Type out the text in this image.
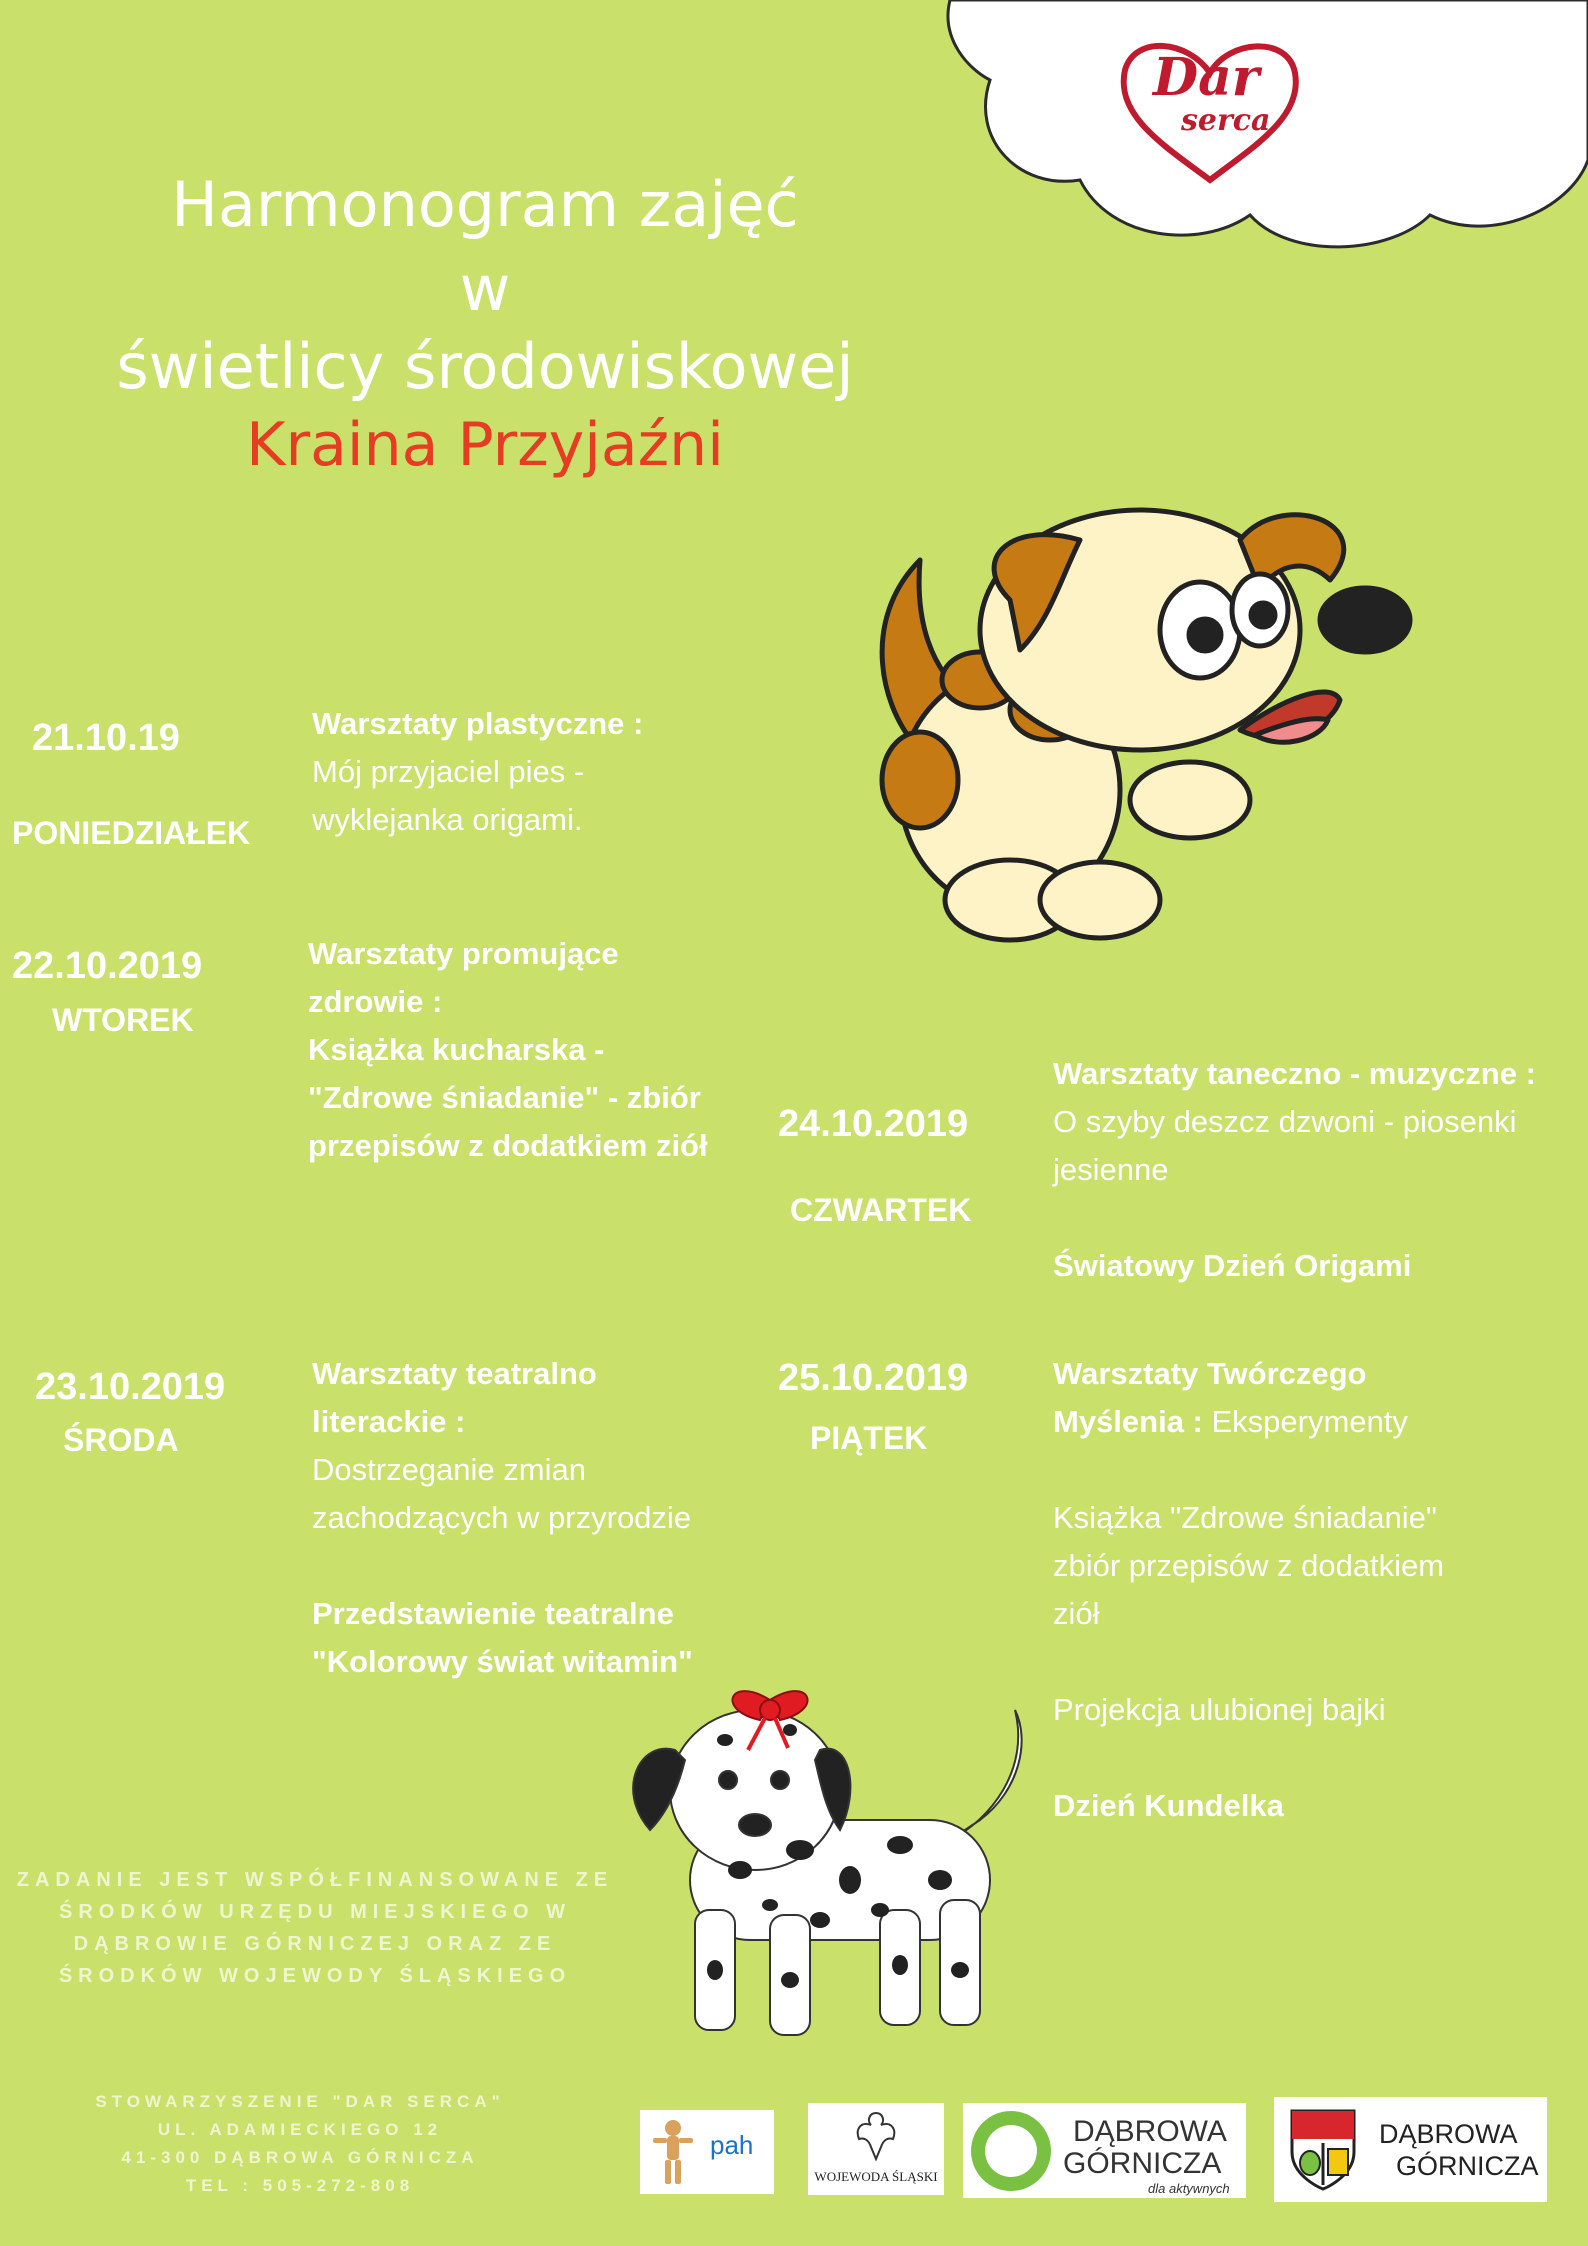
Dar
serca
Harmonogram zajęć
w
świetlicy środowiskowej
Kraina Przyjaźni
21.10.19
PONIEDZIAŁEK

Warsztaty plastyczne :

Mój przyjaciel pies -

wyklejanka origami.

22.10.2019
WTOREK

Warsztaty promujące

zdrowie :

Książka kucharska -

"Zdrowe śniadanie" - zbiór

przepisów z dodatkiem ziół

23.10.2019
ŚRODA

Warsztaty teatralno

literackie :

Dostrzeganie zmian

zachodzących w przyrodzie

Przedstawienie teatralne

"Kolorowy świat witamin"

24.10.2019
CZWARTEK

Warsztaty taneczno - muzyczne :

O szyby deszcz dzwoni - piosenki

jesienne

Światowy Dzień Origami

25.10.2019
PIĄTEK

Warsztaty Twórczego

Myślenia : Eksperymenty

Książka "Zdrowe śniadanie"

zbiór przepisów z dodatkiem

ziół

Projekcja ulubionej bajki

Dzień Kundelka

ZADANIE JEST WSPÓŁFINANSOWANE ZE
ŚRODKÓW URZĘDU MIEJSKIEGO W
DĄBROWIE GÓRNICZEJ ORAZ ZE
ŚRODKÓW WOJEWODY ŚLĄSKIEGO
STOWARZYSZENIE "DAR SERCA"
UL. ADAMIECKIEGO 12
41-300 DĄBROWA GÓRNICZA
TEL : 505-272-808
pah
WOJEWODA ŚLĄSKI
DĄBROWA
GÓRNICZA
dla aktywnych
DĄBROWA
GÓRNICZA
